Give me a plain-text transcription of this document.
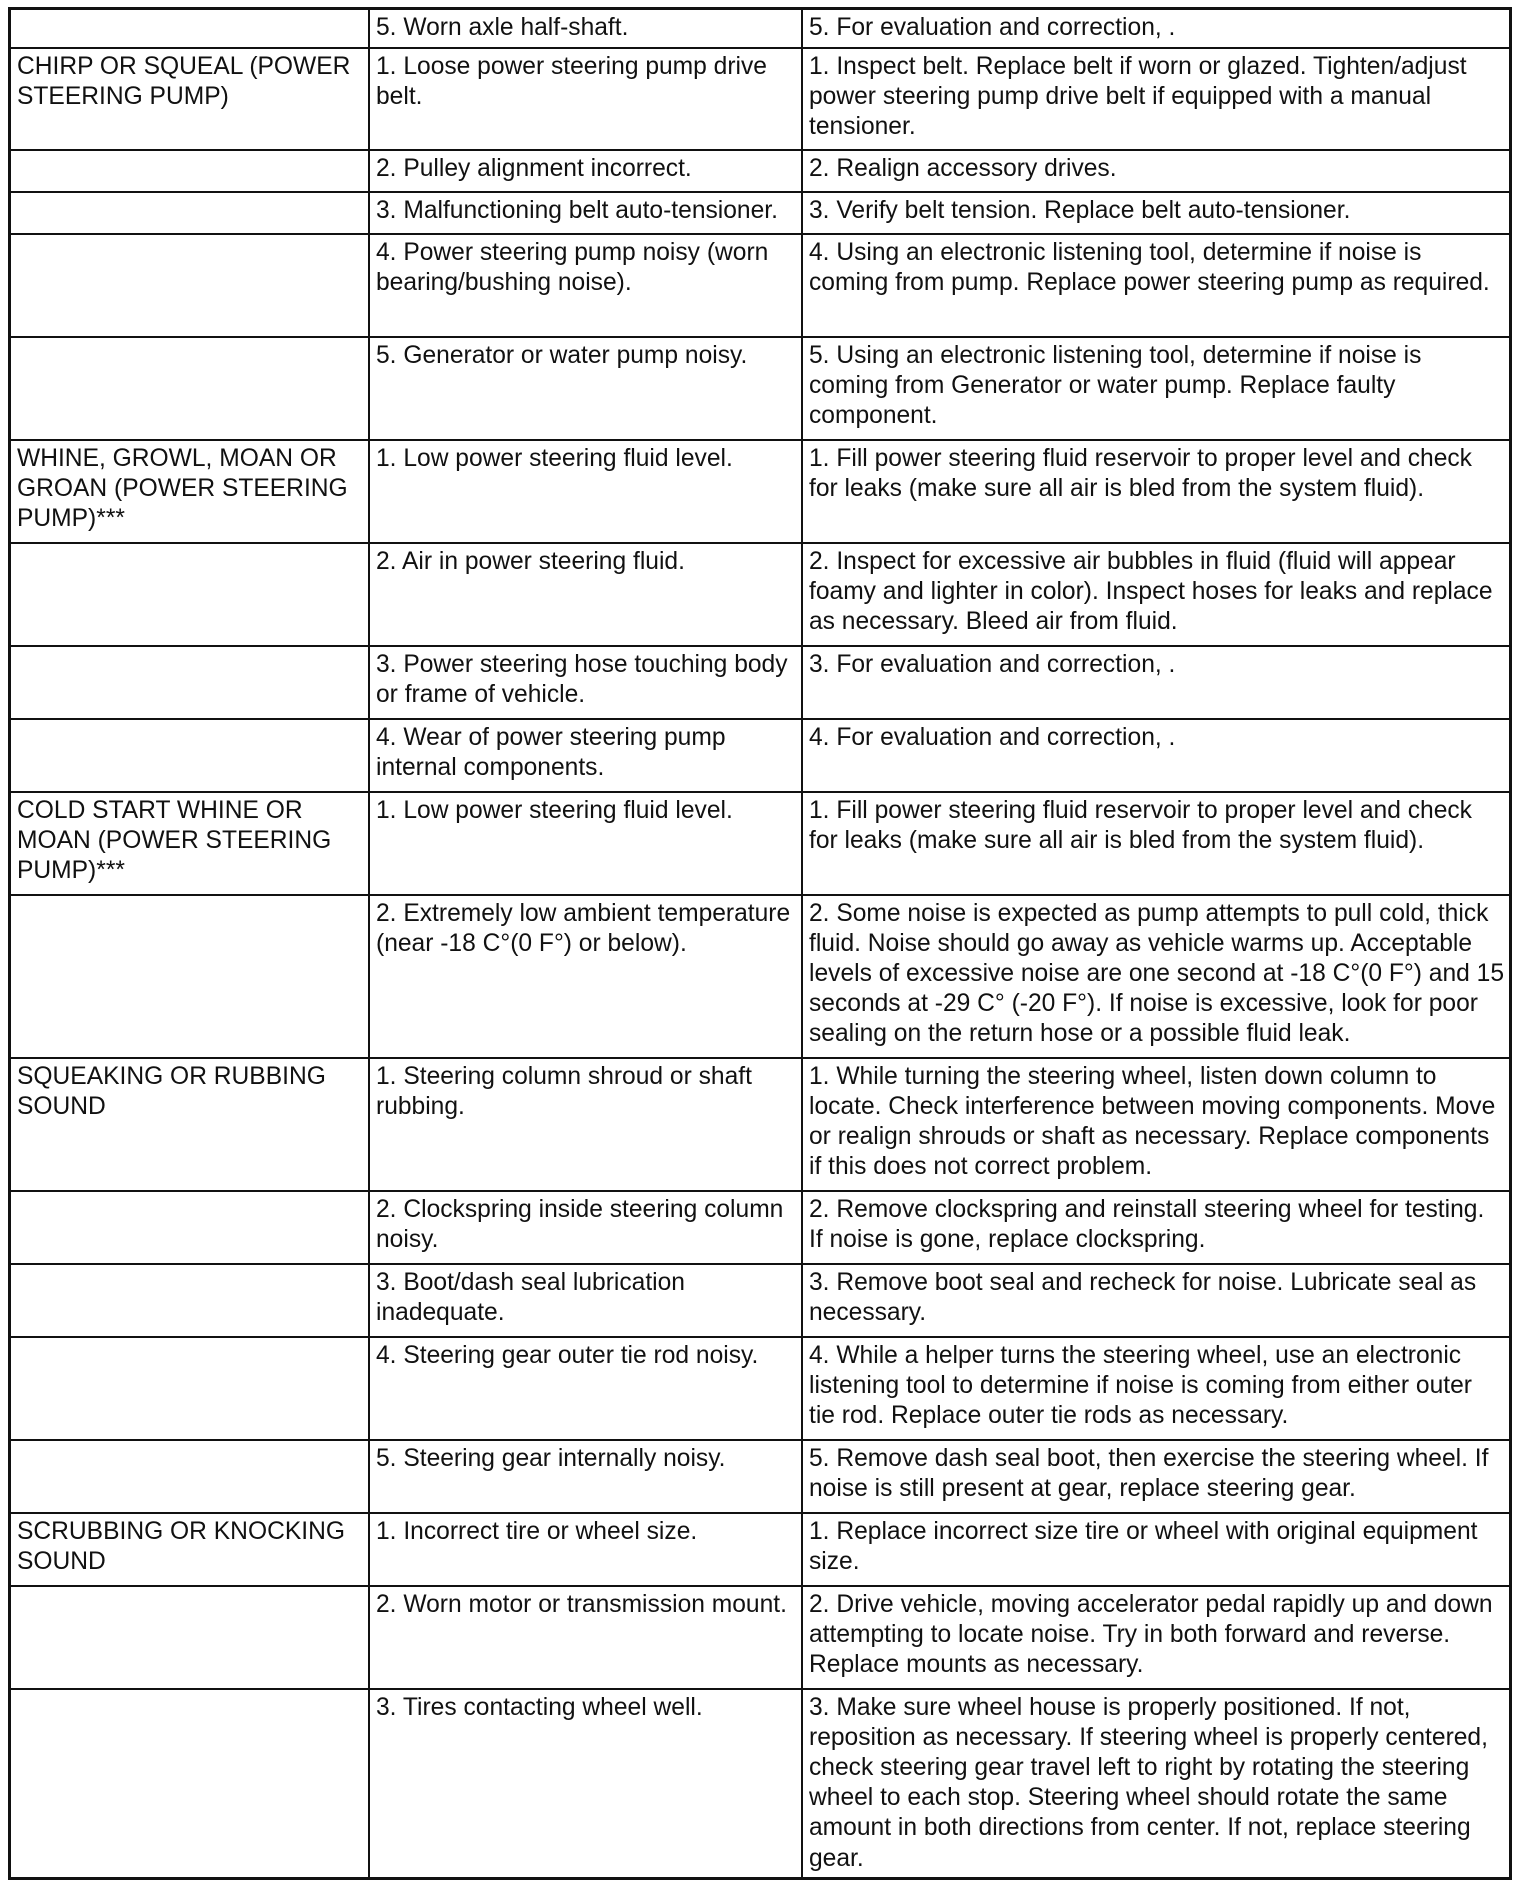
	5. Worn axle half-shaft.	5. For evaluation and correction, .
CHIRP OR SQUEAL (POWER STEERING PUMP)	1. Loose power steering pump drive belt.	1. Inspect belt. Replace belt if worn or glazed. Tighten/adjust power steering pump drive belt if equipped with a manual tensioner.
	2. Pulley alignment incorrect.	2. Realign accessory drives.
	3. Malfunctioning belt auto-tensioner.	3. Verify belt tension. Replace belt auto-tensioner.
	4. Power steering pump noisy (worn bearing/bushing noise).	4. Using an electronic listening tool, determine if noise is coming from pump. Replace power steering pump as required.
	5. Generator or water pump noisy.	5. Using an electronic listening tool, determine if noise is coming from Generator or water pump. Replace faulty component.
WHINE, GROWL, MOAN OR GROAN (POWER STEERING PUMP)***	1. Low power steering fluid level.	1. Fill power steering fluid reservoir to proper level and check for leaks (make sure all air is bled from the system fluid).
	2. Air in power steering fluid.	2. Inspect for excessive air bubbles in fluid (fluid will appear foamy and lighter in color). Inspect hoses for leaks and replace as necessary. Bleed air from fluid.
	3. Power steering hose touching body or frame of vehicle.	3. For evaluation and correction, .
	4. Wear of power steering pump internal components.	4. For evaluation and correction, .
COLD START WHINE OR MOAN (POWER STEERING PUMP)***	1. Low power steering fluid level.	1. Fill power steering fluid reservoir to proper level and check for leaks (make sure all air is bled from the system fluid).
	2. Extremely low ambient temperature (near -18 C°(0 F°) or below).	2. Some noise is expected as pump attempts to pull cold, thick fluid. Noise should go away as vehicle warms up. Acceptable levels of excessive noise are one second at -18 C°(0 F°) and 15 seconds at -29 C° (-20 F°). If noise is excessive, look for poor sealing on the return hose or a possible fluid leak.
SQUEAKING OR RUBBING SOUND	1. Steering column shroud or shaft rubbing.	1. While turning the steering wheel, listen down column to locate. Check interference between moving components. Move or realign shrouds or shaft as necessary. Replace components if this does not correct problem.
	2. Clockspring inside steering column noisy.	2. Remove clockspring and reinstall steering wheel for testing. If noise is gone, replace clockspring.
	3. Boot/dash seal lubrication inadequate.	3. Remove boot seal and recheck for noise. Lubricate seal as necessary.
	4. Steering gear outer tie rod noisy.	4. While a helper turns the steering wheel, use an electronic listening tool to determine if noise is coming from either outer tie rod. Replace outer tie rods as necessary.
	5. Steering gear internally noisy.	5. Remove dash seal boot, then exercise the steering wheel. If noise is still present at gear, replace steering gear.
SCRUBBING OR KNOCKING SOUND	1. Incorrect tire or wheel size.	1. Replace incorrect size tire or wheel with original equipment size.
	2. Worn motor or transmission mount.	2. Drive vehicle, moving accelerator pedal rapidly up and down attempting to locate noise. Try in both forward and reverse. Replace mounts as necessary.
	3. Tires contacting wheel well.	3. Make sure wheel house is properly positioned. If not, reposition as necessary. If steering wheel is properly centered, check steering gear travel left to right by rotating the steering wheel to each stop. Steering wheel should rotate the same amount in both directions from center. If not, replace steering gear.
